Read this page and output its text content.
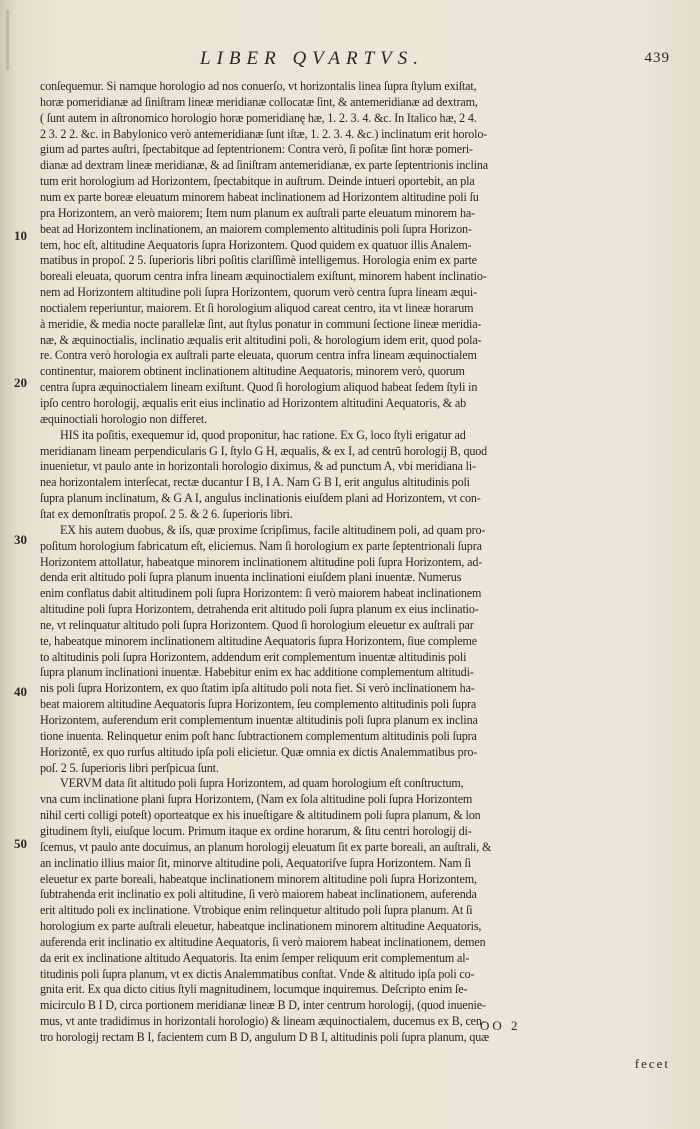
LIBER QVARTVS.	439
10
20
30
40
50
conſequemur. Si namque horologio ad nos conuerſo, vt horizontalis linea ſupra ſtylum exiſtat,
horæ pomeridianæ ad ſiniſtram lineæ meridianæ collocatæ ſint, & antemeridianæ ad dextram,
( ſunt autem in aſtronomico horologio horæ pomeridianę hæ, 1. 2. 3. 4. &c. In Italico hæ, 2 4.
2 3. 2 2. &c. in Babylonico verò antemeridianæ ſunt iſtæ, 1. 2. 3. 4. &c.) inclinatum erit horolo-
gium ad partes auſtri, ſpectabitque ad ſeptentrionem: Contra verò, ſi poſitæ ſint horæ pomeri-
dianæ ad dextram lineæ meridianæ, & ad ſiniſtram antemeridianæ, ex parte ſeptentrionis inclina
tum erit horologium ad Horizontem, ſpectabitque in auſtrum. Deinde intueri oportebit, an pla
num ex parte boreæ eleuatum minorem habeat inclinationem ad Horizontem altitudine poli ſu
pra Horizontem, an verò maiorem; Item num planum ex auſtrali parte eleuatum minorem ha-
beat ad Horizontem inclinationem, an maiorem complemento altitudinis poli ſupra Horizon-
tem, hoc eſt, altitudine Aequatoris ſupra Horizontem. Quod quidem ex quatuor illis Analem-
matibus in propoſ. 2 5. ſuperioris libri poſitis clariſſimè intelligemus. Horologia enim ex parte
boreali eleuata, quorum centra infra lineam æquinoctialem exiſtunt, minorem habent inclinatio-
nem ad Horizontem altitudine poli ſupra Horizontem, quorum verò centra ſupra lineam æqui-
noctialem reperiuntur, maiorem. Et ſi horologium aliquod careat centro, ita vt lineæ horarum
à meridie, & media nocte parallelæ ſint, aut ſtylus ponatur in communi ſectione lineæ meridia-
næ, & æquinoctialis, inclinatio æqualis erit altitudini poli, & horologium idem erit, quod pola-
re. Contra verò horologia ex auſtrali parte eleuata, quorum centra infra lineam æquinoctialem
continentur, maiorem obtinent inclinationem altitudine Aequatoris, minorem verò, quorum
centra ſupra æquinoctialem lineam exiſtunt. Quod ſi horologium aliquod habeat ſedem ſtyli in
ipſo centro horologij, æqualis erit eius inclinatio ad Horizontem altitudini Aequatoris, & ab
æquinoctiali horologio non differet.
HIS ita poſitis, exequemur id, quod proponitur, hac ratione. Ex G, loco ſtyli erigatur ad
meridianam lineam perpendicularis G I, ſtylo G H, æqualis, & ex I, ad centrũ horologij B, quod
inuenietur, vt paulo ante in horizontali horologio diximus, & ad punctum A, vbi meridiana li-
nea horizontalem interſecat, rectæ ducantur I B, I A. Nam G B I, erit angulus altitudinis poli
ſupra planum inclinatum, & G A I, angulus inclinationis eiuſdem plani ad Horizontem, vt con-
ſtat ex demonſtratis propoſ. 2 5. & 2 6. ſuperioris libri.
EX his autem duobus, & iſs, quæ proxime ſcripſimus, facile altitudinem poli, ad quam pro-
poſitum horologium fabricatum eſt, eliciemus. Nam ſi horologium ex parte ſeptentrionali ſupra
Horizontem attollatur, habeatque minorem inclinationem altitudine poli ſupra Horizontem, ad-
denda erit altitudo poli ſupra planum inuenta inclinationi eiuſdem plani inuentæ. Numerus
enim conflatus dabit altitudinem poli ſupra Horizontem: ſi verò maiorem habeat inclinationem
altitudine poli ſupra Horizontem, detrahenda erit altitudo poli ſupra planum ex eius inclinatio-
ne, vt relinquatur altitudo poli ſupra Horizontem. Quod ſi horologium eleuetur ex auſtrali par
te, habeatque minorem inclinationem altitudine Aequatoris ſupra Horizontem, ſiue compleme
to altitudinis poli ſupra Horizontem, addendum erit complementum inuentæ altitudinis poli
ſupra planum inclinationi inuentæ. Habebitur enim ex hac additione complementum altitudi-
nis poli ſupra Horizontem, ex quo ſtatim ipſa altitudo poli nota fiet. Si verò inclinationem ha-
beat maiorem altitudine Aequatoris ſupra Horizontem, ſeu complemento altitudinis poli ſupra
Horizontem, auferendum erit complementum inuentæ altitudinis poli ſupra planum ex inclina
tione inuenta. Relinquetur enim poſt hanc ſubtractionem complementum altitudinis poli ſupra
Horizontẽ, ex quo rurſus altitudo ipſa poli elicietur. Quæ omnia ex dictis Analemmatibus pro-
poſ. 2 5. ſuperioris libri perſpicua ſunt.
VERVM data ſit altitudo poli ſupra Horizontem, ad quam horologium eſt conſtructum,
vna cum inclinatione plani ſupra Horizontem, (Nam ex ſola altitudine poli ſupra Horizontem
nihil certi colligi poteſt) oporteatque ex his inueſtigare & altitudinem poli ſupra planum, & lon
gitudinem ſtyli, eiuſque locum. Primum itaque ex ordine horarum, & ſitu centri horologij di-
ſcemus, vt paulo ante docuimus, an planum horologij eleuatum ſit ex parte boreali, an auſtrali, &
an inclinatio illius maior ſit, minorve altitudine poli, Aequatoriſve ſupra Horizontem. Nam ſi
eleuetur ex parte boreali, habeatque inclinationem minorem altitudine poli ſupra Horizontem,
ſubtrahenda erit inclinatio ex poli altitudine, ſi verò maiorem habeat inclinationem, auferenda
erit altitudo poli ex inclinatione. Vtrobique enim relinquetur altitudo poli ſupra planum. At ſi
horologium ex parte auſtrali eleuetur, habeatque inclinationem minorem altitudine Aequatoris,
auferenda erit inclinatio ex altitudine Aequatoris, ſi verò maiorem habeat inclinationem, demen
da erit ex inclinatione altitudo Aequatoris. Ita enim ſemper reliquum erit complementum al-
titudinis poli ſupra planum, vt ex dictis Analemmatibus conſtat. Vnde & altitudo ipſa poli co-
gnita erit. Ex qua dicto citius ſtyli magnitudinem, locumque inquiremus. Deſcripto enim ſe-
micirculo B I D, circa portionem meridianæ lineæ B D, inter centrum horologij, (quod inuenie-
mus, vt ante tradidimus in horizontali horologio) & lineam æquinoctialem, ducemus ex B, cen-
tro horologij rectam B I, facientem cum B D, angulum D B I, altitudinis poli ſupra planum, quæ
OO 2
fecet
